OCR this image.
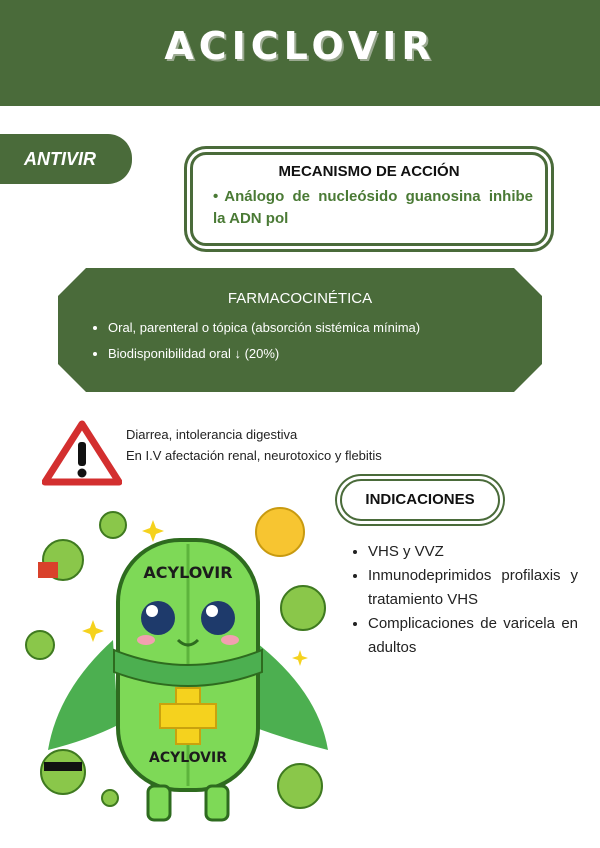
ACICLOVIR
ANTIVIR
MECANISMO DE ACCIÓN
• Análogo de nucleósido guanosina inhibe la ADN pol
FARMACOCINÉTICA
• Oral, parenteral o tópica (absorción sistémica mínima)
• Biodisponibilidad oral ↓ (20%)
Diarrea, intolerancia digestiva
En I.V afectación renal, neurotoxico y flebitis
INDICACIONES
• VHS y VVZ
• Inmunodeprimidos profilaxis y tratamiento VHS
• Complicaciones de varicela en adultos
ACYLOVIR
ACYLOVIR
